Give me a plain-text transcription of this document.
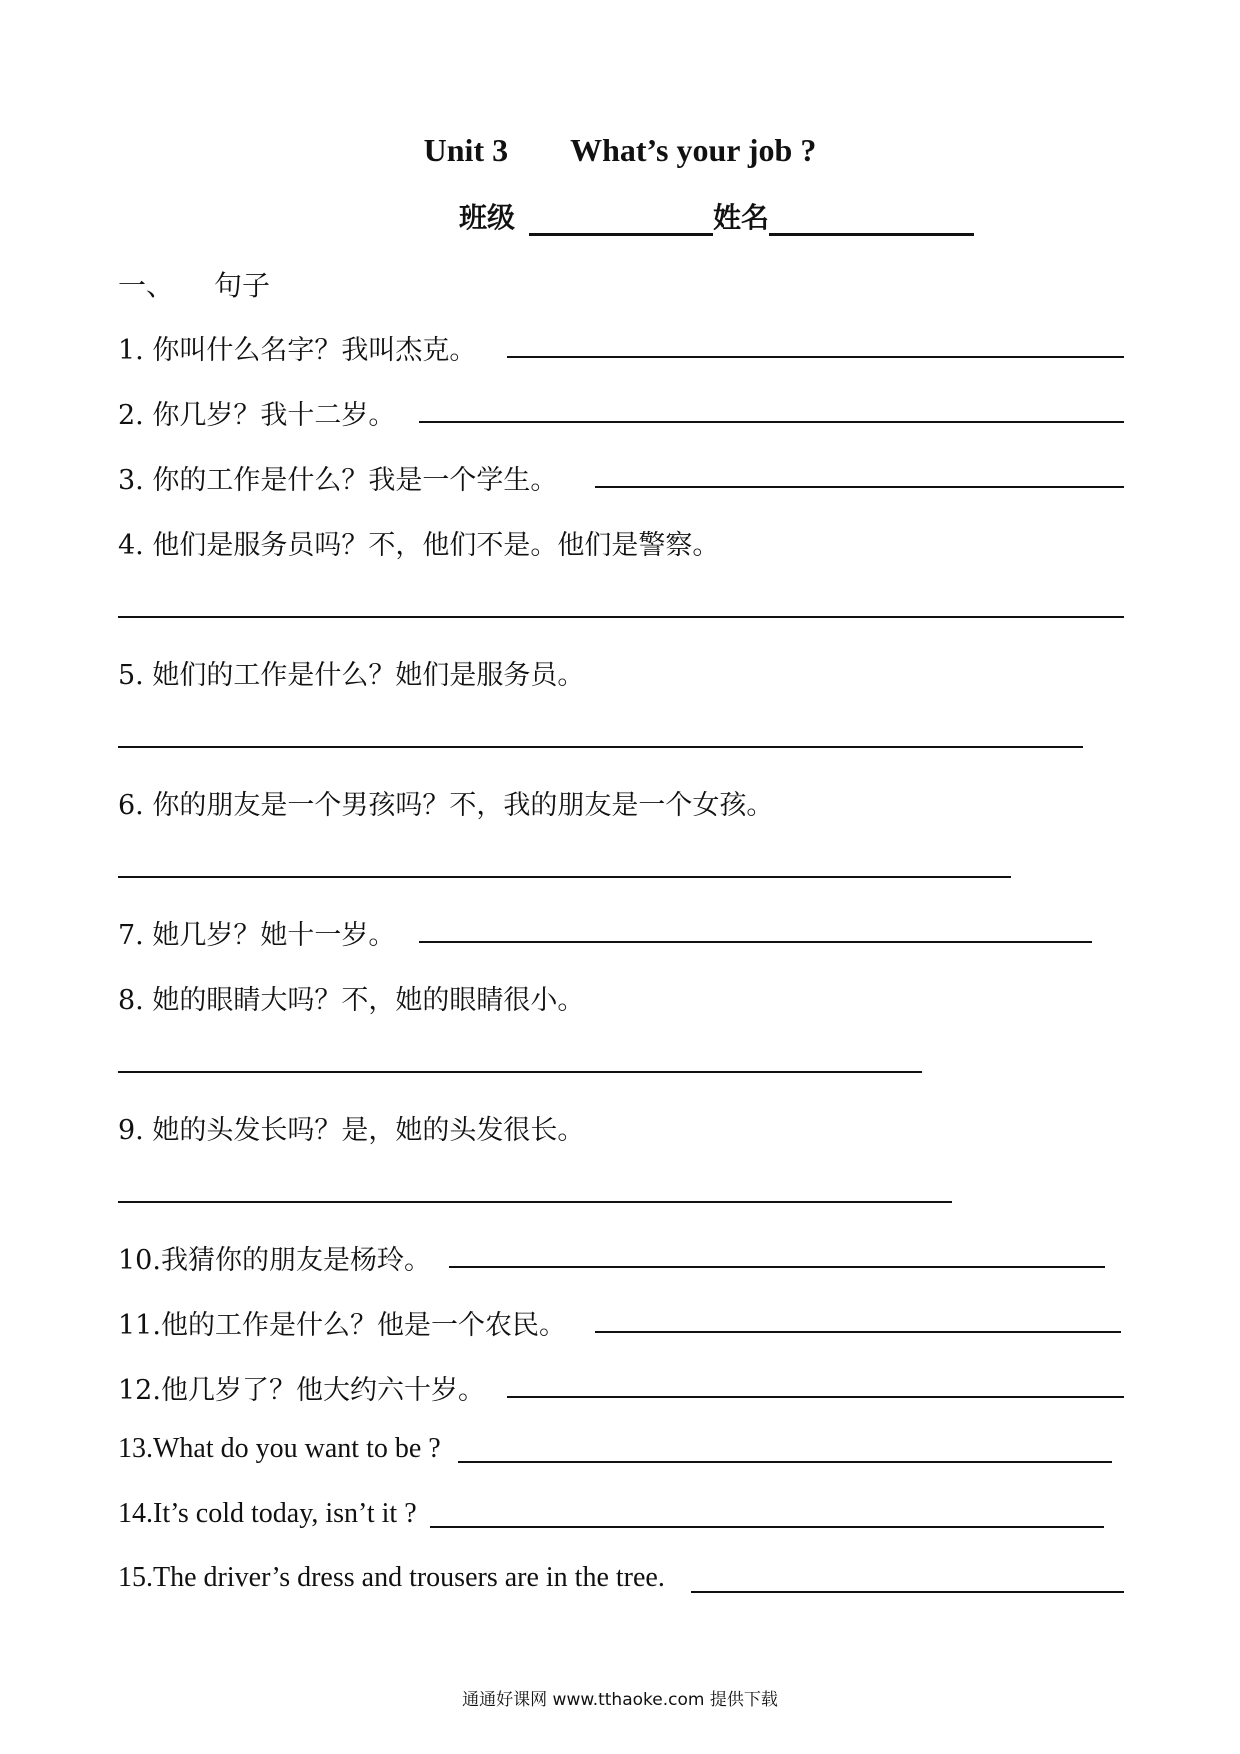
Unit 3 What’s your job ?
班级	姓名
一、 句子
1. 你叫什么名字？我叫杰克。
2. 你几岁？我十二岁。
3. 你的工作是什么？我是一个学生。
4. 他们是服务员吗？不，他们不是。他们是警察。
5. 她们的工作是什么？她们是服务员。
6. 你的朋友是一个男孩吗？不，我的朋友是一个女孩。
7. 她几岁？她十一岁。
8. 她的眼睛大吗？不，她的眼睛很小。
9. 她的头发长吗？是，她的头发很长。
10.我猜你的朋友是杨玲。
11.他的工作是什么？他是一个农民。
12.他几岁了？他大约六十岁。
13.What do you want to be ?
14.It’s cold today, isn’t it ?
15.The driver’s dress and trousers are in the tree.
通通好课网 www.tthaoke.com 提供下载
